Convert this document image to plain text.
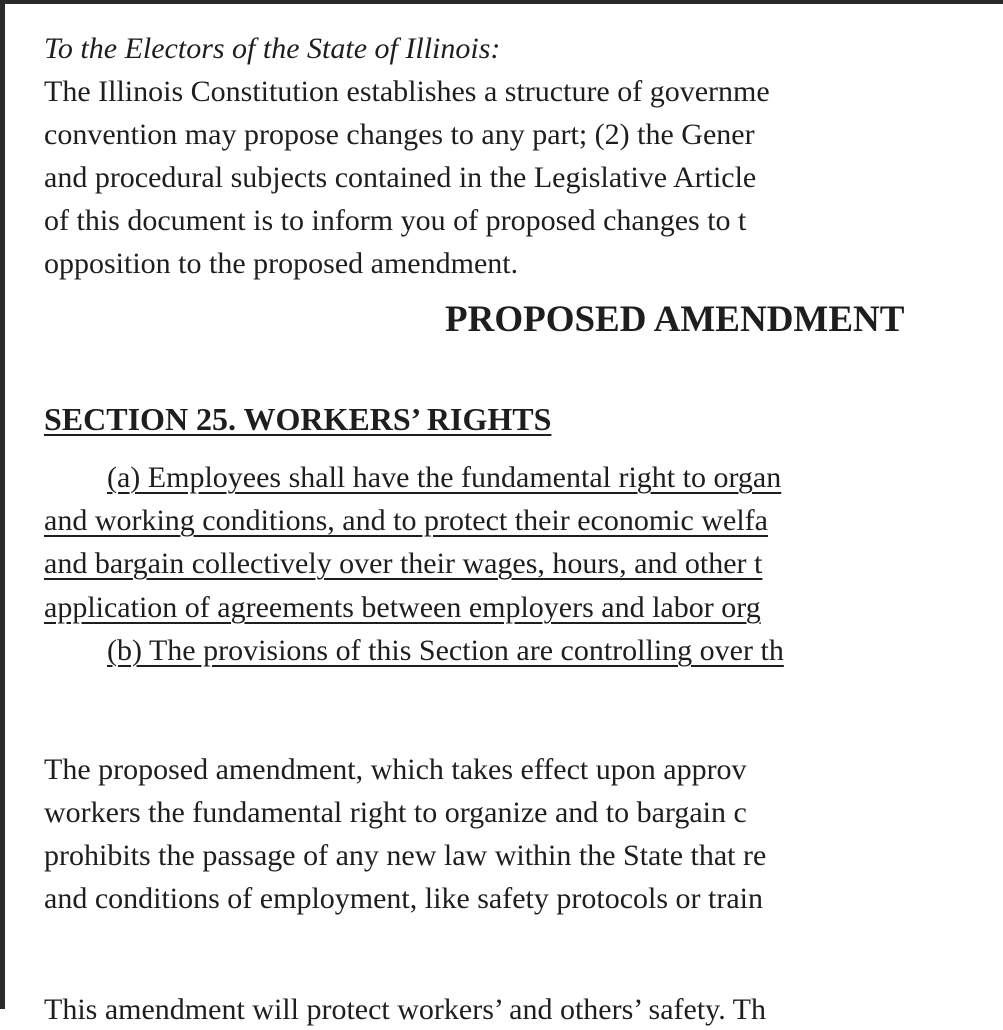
To the Electors of the State of Illinois:
The Illinois Constitution establishes a structure of governme
convention may propose changes to any part; (2) the Gener
and procedural subjects contained in the Legislative Article
of this document is to inform you of proposed changes to t
opposition to the proposed amendment.
PROPOSED AMENDMENT
SECTION 25. WORKERS’ RIGHTS
(a) Employees shall have the fundamental right to organ
and working conditions, and to protect their economic welfa
and bargain collectively over their wages, hours, and other t
application of agreements between employers and labor org
(b) The provisions of this Section are controlling over th
The proposed amendment, which takes effect upon approv
workers the fundamental right to organize and to bargain c
prohibits the passage of any new law within the State that re
and conditions of employment, like safety protocols or train
This amendment will protect workers’ and others’ safety. Th
